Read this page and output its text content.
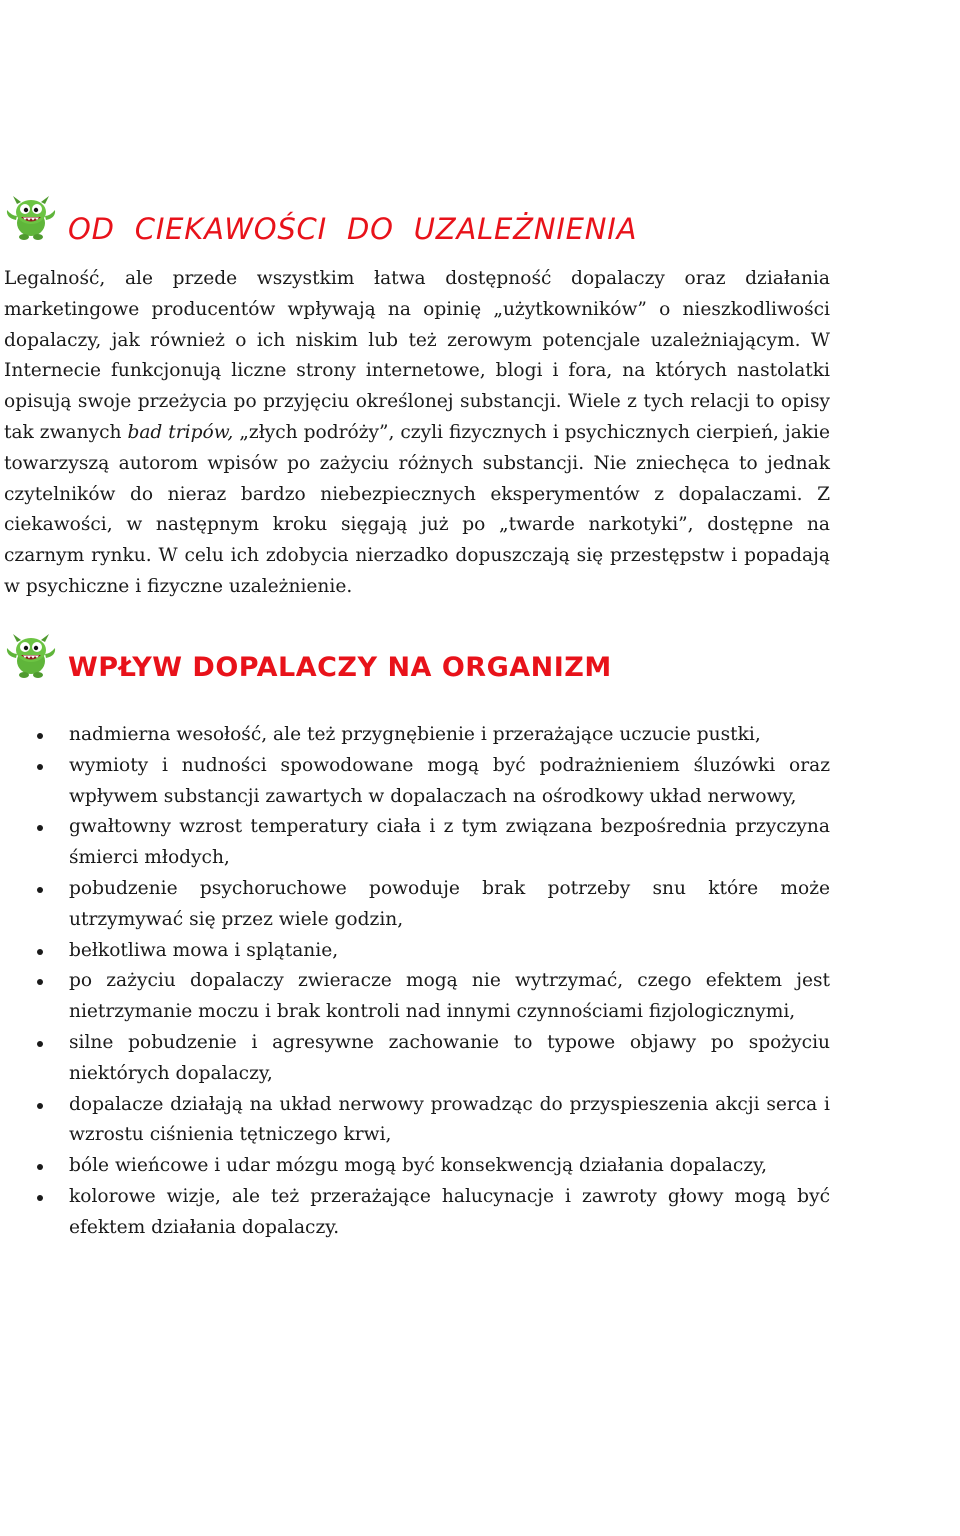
OD CIEKAWOŚCI DO UZALEŻNIENIA

Legalność, ale przede wszystkim łatwa dostępność dopalaczy oraz działania marketingowe producentów wpływają na opinię „użytkowników” o nieszkodliwości dopalaczy, jak również o ich niskim lub też zerowym potencjale uzależniającym. W Internecie funkcjonują liczne strony internetowe, blogi i fora, na których nastolatki opisują swoje przeżycia po przyjęciu określonej substancji. Wiele z tych relacji to opisy tak zwanych bad tripów, „złych podróży”, czyli fizycznych i psychicznych cierpień, jakie towarzyszą autorom wpisów po zażyciu różnych substancji. Nie zniechęca to jednak czytelników do nieraz bardzo niebezpiecznych eksperymentów z dopalaczami. Z ciekawości, w następnym kroku sięgają już po „twarde narkotyki”, dostępne na czarnym rynku. W celu ich zdobycia nierzadko dopuszczają się przestępstw i popadają w psychiczne i fizyczne uzależnienie.

WPŁYW DOPALACZY NA ORGANIZM
nadmierna wesołość, ale też przygnębienie i przerażające uczucie pustki,
wymioty i nudności spowodowane mogą być podrażnieniem śluzówki oraz wpływem substancji zawartych w dopalaczach na ośrodkowy układ nerwowy,
gwałtowny wzrost temperatury ciała i z tym związana bezpośrednia przyczyna śmierci młodych,
pobudzenie psychoruchowe powoduje brak potrzeby snu które może utrzymywać się przez wiele godzin,
bełkotliwa mowa i splątanie,
po zażyciu dopalaczy zwieracze mogą nie wytrzymać, czego efektem jest nietrzymanie moczu i brak kontroli nad innymi czynnościami fizjologicznymi,
silne pobudzenie i agresywne zachowanie to typowe objawy po spożyciu niektórych dopalaczy,
dopalacze działają na układ nerwowy prowadząc do przyspieszenia akcji serca i wzrostu ciśnienia tętniczego krwi,
bóle wieńcowe i udar mózgu mogą być konsekwencją działania dopalaczy,
kolorowe wizje, ale też przerażające halucynacje i zawroty głowy mogą być efektem działania dopalaczy.
